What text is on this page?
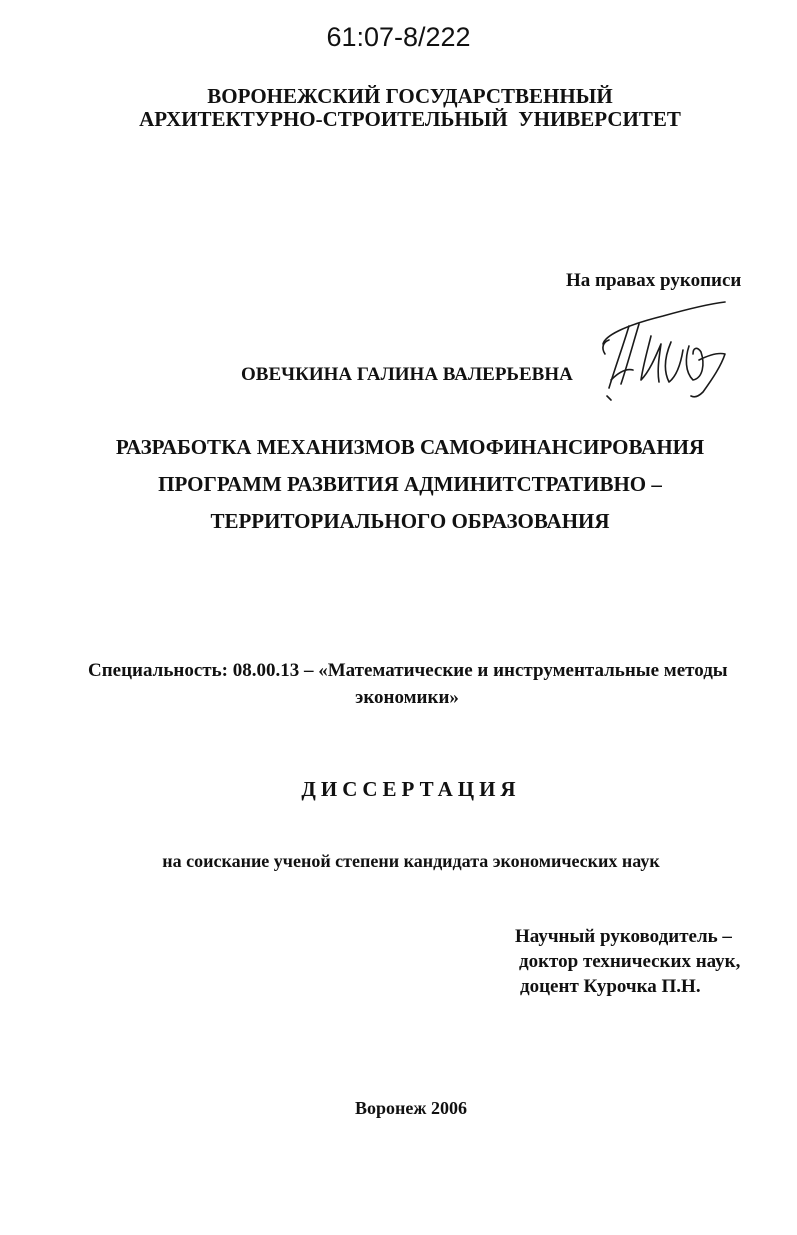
61:07-8/222
ВОРОНЕЖСКИЙ ГОСУДАРСТВЕННЫЙ
АРХИТЕКТУРНО-СТРОИТЕЛЬНЫЙ  УНИВЕРСИТЕТ
На правах рукописи
ОВЕЧКИНА ГАЛИНА ВАЛЕРЬЕВНА
РАЗРАБОТКА МЕХАНИЗМОВ САМОФИНАНСИРОВАНИЯ
ПРОГРАММ РАЗВИТИЯ АДМИНИТСТРАТИВНО –
ТЕРРИТОРИАЛЬНОГО ОБРАЗОВАНИЯ
Специальность: 08.00.13 – «Математические и инструментальные методы
экономики»
ДИССЕРТАЦИЯ
на соискание ученой степени кандидата экономических наук
Научный руководитель –
доктор технических наук,
доцент Курочка П.Н.
Воронеж 2006
